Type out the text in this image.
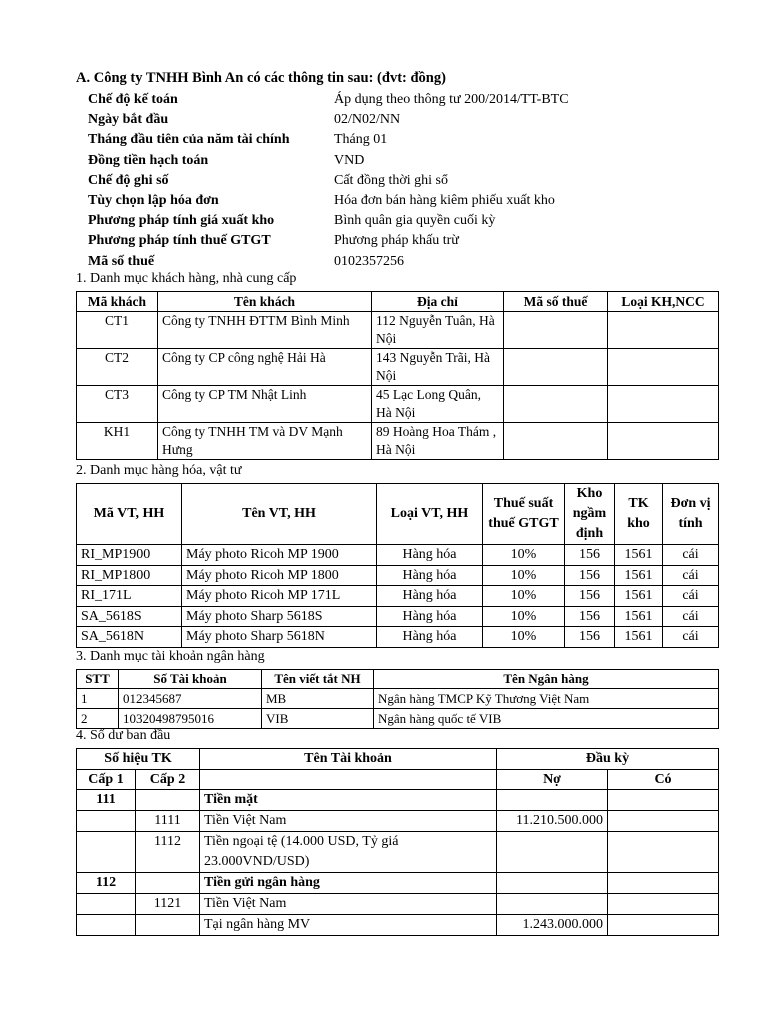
A. Công ty TNHH Bình An có các thông tin sau: (đvt: đồng)
Chế độ kế toán	Áp dụng theo thông tư 200/2014/TT-BTC
Ngày bắt đầu	02/N02/NN
Tháng đầu tiên của năm tài chính	Tháng 01
Đồng tiền hạch toán	VND
Chế độ ghi số	Cất đồng thời ghi sổ
Tùy chọn lập hóa đơn	Hóa đơn bán hàng kiêm phiếu xuất kho
Phương pháp tính giá xuất kho	Bình quân gia quyền cuối kỳ
Phương pháp tính thuế GTGT	Phương pháp khấu trừ
Mã số thuế	0102357256
1. Danh mục khách hàng, nhà cung cấp
Mã khách	Tên khách	Địa chỉ	Mã số thuế	Loại KH,NCC
CT1	Công ty TNHH ĐTTM Bình Minh	112 Nguyễn Tuân, Hà Nội		
CT2	Công ty CP công nghệ Hải Hà	143 Nguyễn Trãi, Hà Nội		
CT3	Công ty CP TM Nhật Linh	45 Lạc Long Quân, Hà Nội		
KH1	Công ty TNHH TM và DV Mạnh Hưng	89 Hoàng Hoa Thám , Hà Nội		
2. Danh mục hàng hóa, vật tư
Mã VT, HH	Tên VT, HH	Loại VT, HH	Thuế suất thuế GTGT	Kho ngầm định	TK kho	Đơn vị tính
RI_MP1900	Máy photo Ricoh MP 1900	Hàng hóa	10%	156	1561	cái
RI_MP1800	Máy photo Ricoh MP 1800	Hàng hóa	10%	156	1561	cái
RI_171L	Máy photo Ricoh MP 171L	Hàng hóa	10%	156	1561	cái
SA_5618S	Máy photo Sharp 5618S	Hàng hóa	10%	156	1561	cái
SA_5618N	Máy photo Sharp 5618N	Hàng hóa	10%	156	1561	cái
3. Danh mục tài khoản ngân hàng
STT	Số Tài khoản	Tên viết tắt NH	Tên Ngân hàng
1	012345687	MB	Ngân hàng TMCP Kỹ Thương Việt Nam
2	10320498795016	VIB	Ngân hàng quốc tế VIB
4. Số dư ban đầu
Số hiệu TK		Tên Tài khoản	Đầu kỳ	
Cấp 1	Cấp 2		Nợ	Có
111		Tiền mặt		
	1111	Tiền Việt Nam	11.210.500.000	
	1112	Tiền ngoại tệ (14.000 USD, Tỷ giá 23.000VND/USD)		
112		Tiền gửi ngân hàng		
	1121	Tiền Việt Nam		
		Tại ngân hàng MV	1.243.000.000	
